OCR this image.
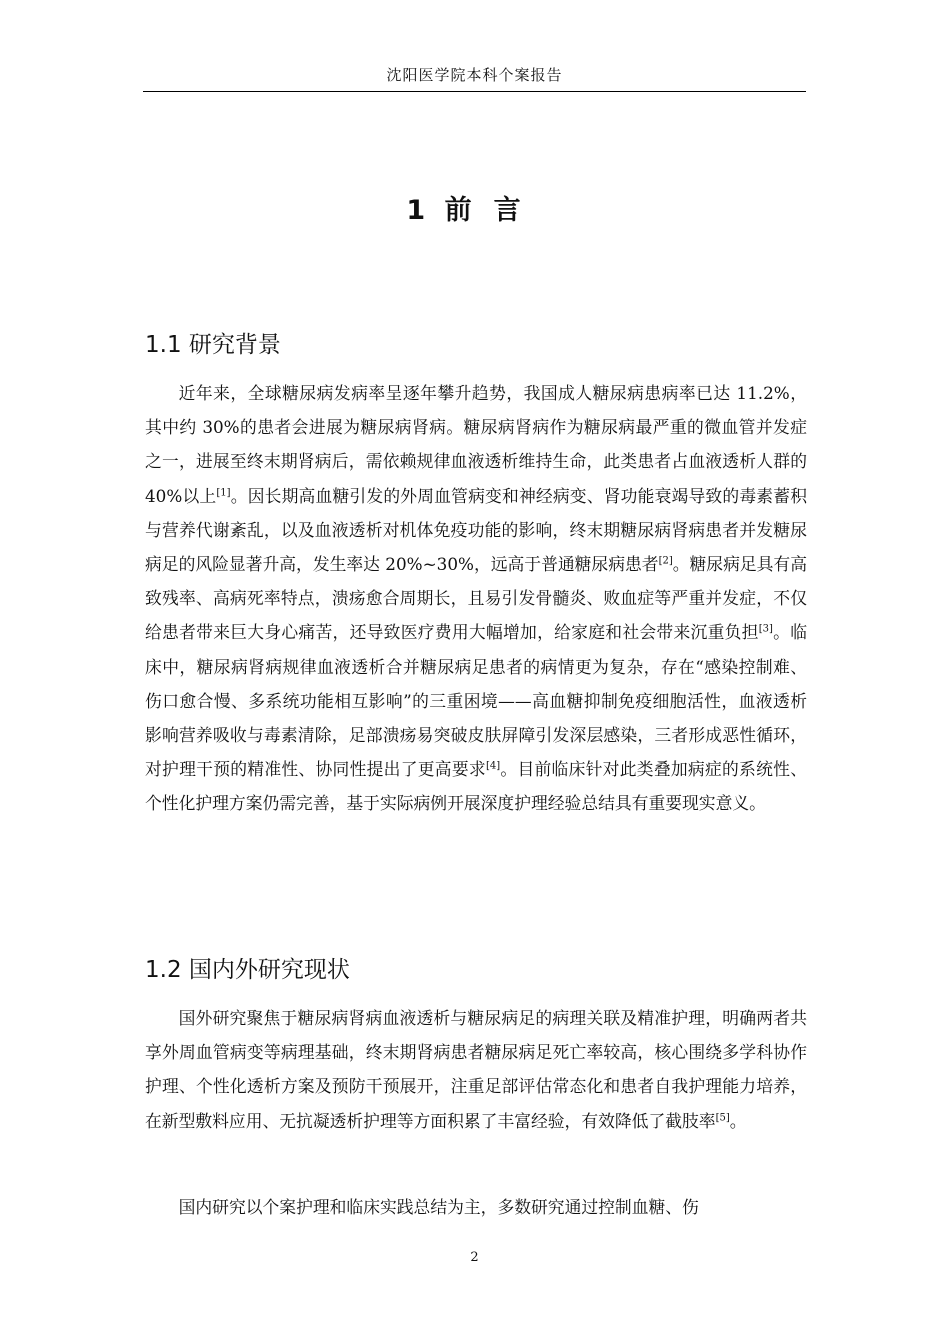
沈阳医学院本科个案报告
1 前言
1.1 研究背景

近年来，全球糖尿病发病率呈逐年攀升趋势，我国成人糖尿病患病率已达 11.2%，其中约 30%的患者会进展为糖尿病肾病。糖尿病肾病作为糖尿病最严重的微血管并发症之一，进展至终末期肾病后，需依赖规律血液透析维持生命，此类患者占血液透析人群的 40%以上[1]。因长期高血糖引发的外周血管病变和神经病变、肾功能衰竭导致的毒素蓄积与营养代谢紊乱，以及血液透析对机体免疫功能的影响，终末期糖尿病肾病患者并发糖尿病足的风险显著升高，发生率达 20%~30%，远高于普通糖尿病患者[2]。糖尿病足具有高致残率、高病死率特点，溃疡愈合周期长，且易引发骨髓炎、败血症等严重并发症，不仅给患者带来巨大身心痛苦，还导致医疗费用大幅增加，给家庭和社会带来沉重负担[3]。临床中，糖尿病肾病规律血液透析合并糖尿病足患者的病情更为复杂，存在“感染控制难、伤口愈合慢、多系统功能相互影响”的三重困境——高血糖抑制免疫细胞活性，血液透析影响营养吸收与毒素清除，足部溃疡易突破皮肤屏障引发深层感染，三者形成恶性循环，对护理干预的精准性、协同性提出了更高要求[4]。目前临床针对此类叠加病症的系统性、个性化护理方案仍需完善，基于实际病例开展深度护理经验总结具有重要现实意义。

1.2 国内外研究现状

国外研究聚焦于糖尿病肾病血液透析与糖尿病足的病理关联及精准护理，明确两者共享外周血管病变等病理基础，终末期肾病患者糖尿病足死亡率较高，核心围绕多学科协作护理、个性化透析方案及预防干预展开，注重足部评估常态化和患者自我护理能力培养，在新型敷料应用、无抗凝透析护理等方面积累了丰富经验，有效降低了截肢率[5]。

国内研究以个案护理和临床实践总结为主，多数研究通过控制血糖、伤

2
